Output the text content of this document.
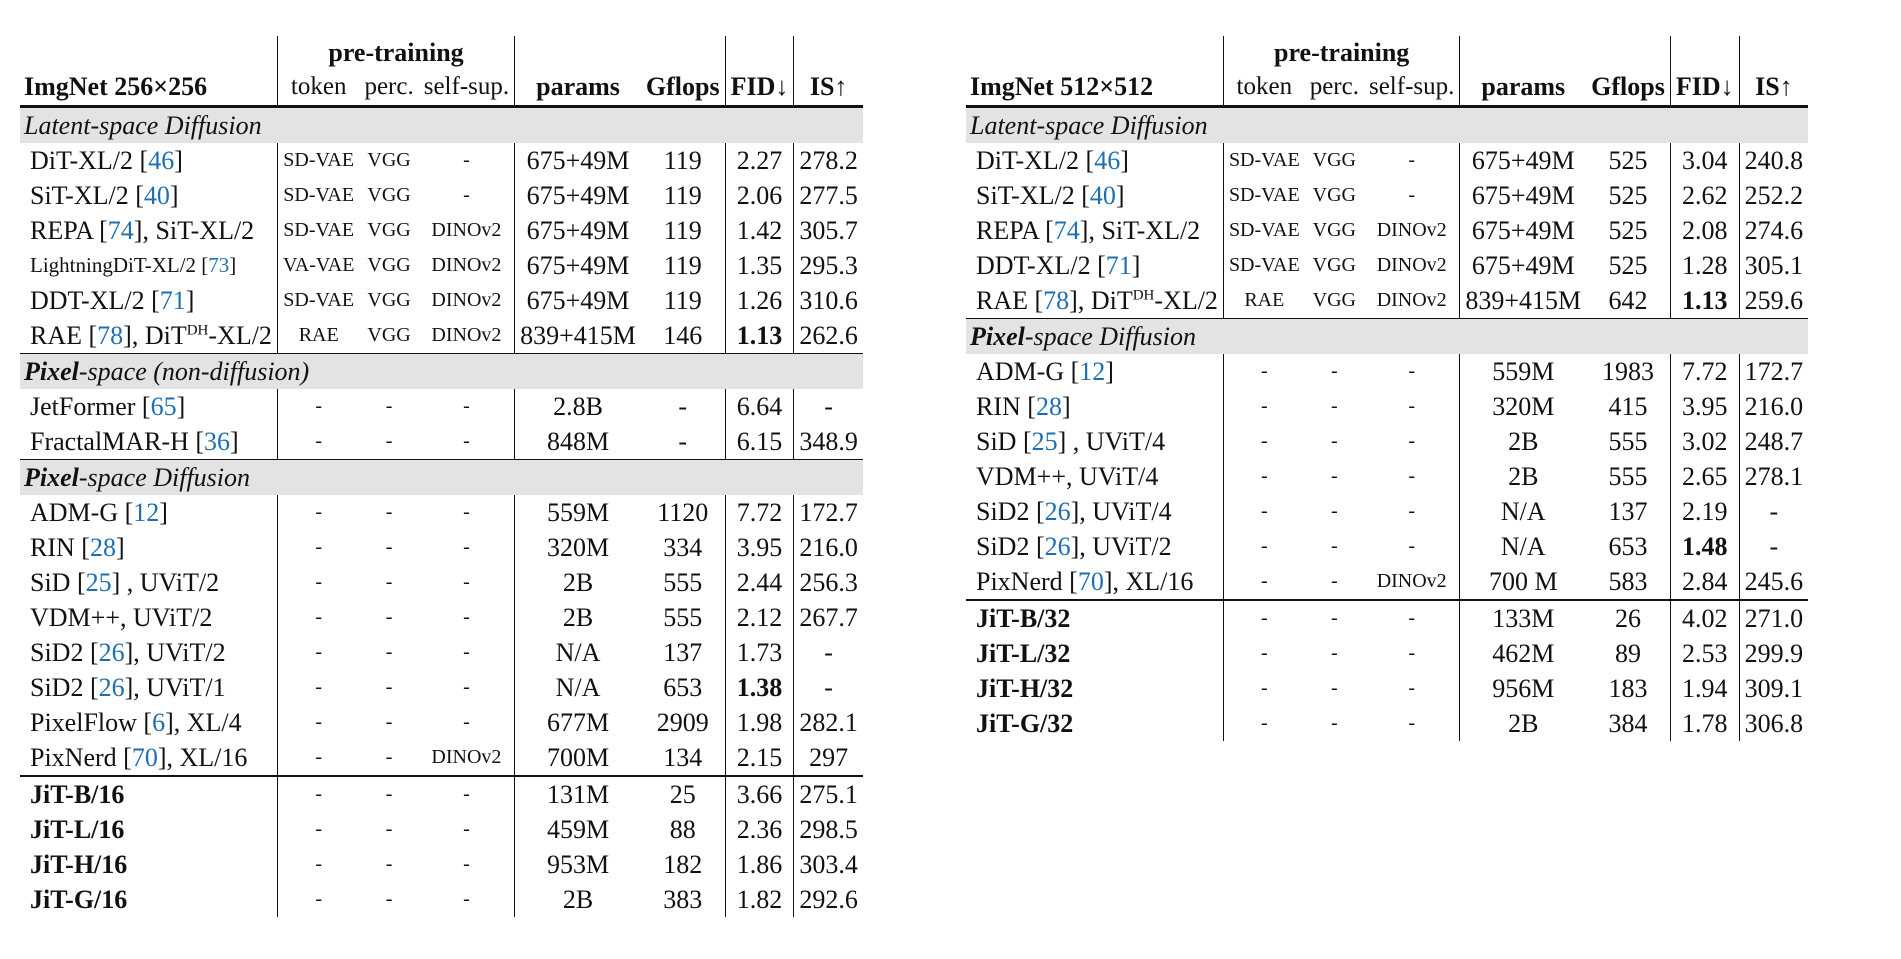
	pre-training						
ImgNet 256×256	token	perc.	self-sup.	params	Gflops	FID↓	IS↑
Latent-space Diffusion							
DiT-XL/2 [46]	SD-VAE	VGG	-	675+49M	119	2.27	278.2
SiT-XL/2 [40]	SD-VAE	VGG	-	675+49M	119	2.06	277.5
REPA [74], SiT-XL/2	SD-VAE	VGG	DINOv2	675+49M	119	1.42	305.7
LightningDiT-XL/2 [73]	VA-VAE	VGG	DINOv2	675+49M	119	1.35	295.3
DDT-XL/2 [71]	SD-VAE	VGG	DINOv2	675+49M	119	1.26	310.6
RAE [78], DiT$^{DH}$-XL/2	RAE	VGG	DINOv2	839+415M	146	1.13	262.6
Pixel-space (non-diffusion)							
JetFormer [65]	-	-	-	2.8B	-	6.64	-
FractalMAR-H [36]	-	-	-	848M	-	6.15	348.9
Pixel-space Diffusion							
ADM-G [12]	-	-	-	559M	1120	7.72	172.7
RIN [28]	-	-	-	320M	334	3.95	216.0
SiD [25] , UViT/2	-	-	-	2B	555	2.44	256.3
VDM++, UViT/2	-	-	-	2B	555	2.12	267.7
SiD2 [26], UViT/2	-	-	-	N/A	137	1.73	-
SiD2 [26], UViT/1	-	-	-	N/A	653	1.38	-
PixelFlow [6], XL/4	-	-	-	677M	2909	1.98	282.1
PixNerd [70], XL/16	-	-	DINOv2	700M	134	2.15	297
JiT-B/16	-	-	-	131M	25	3.66	275.1
JiT-L/16	-	-	-	459M	88	2.36	298.5
JiT-H/16	-	-	-	953M	182	1.86	303.4
JiT-G/16	-	-	-	2B	383	1.82	292.6
	pre-training						
ImgNet 512×512	token	perc.	self-sup.	params	Gflops	FID↓	IS↑
Latent-space Diffusion							
DiT-XL/2 [46]	SD-VAE	VGG	-	675+49M	525	3.04	240.8
SiT-XL/2 [40]	SD-VAE	VGG	-	675+49M	525	2.62	252.2
REPA [74], SiT-XL/2	SD-VAE	VGG	DINOv2	675+49M	525	2.08	274.6
DDT-XL/2 [71]	SD-VAE	VGG	DINOv2	675+49M	525	1.28	305.1
RAE [78], DiT$^{DH}$-XL/2	RAE	VGG	DINOv2	839+415M	642	1.13	259.6
Pixel-space Diffusion							
ADM-G [12]	-	-	-	559M	1983	7.72	172.7
RIN [28]	-	-	-	320M	415	3.95	216.0
SiD [25] , UViT/4	-	-	-	2B	555	3.02	248.7
VDM++, UViT/4	-	-	-	2B	555	2.65	278.1
SiD2 [26], UViT/4	-	-	-	N/A	137	2.19	-
SiD2 [26], UViT/2	-	-	-	N/A	653	1.48	-
PixNerd [70], XL/16	-	-	DINOv2	700 M	583	2.84	245.6
JiT-B/32	-	-	-	133M	26	4.02	271.0
JiT-L/32	-	-	-	462M	89	2.53	299.9
JiT-H/32	-	-	-	956M	183	1.94	309.1
JiT-G/32	-	-	-	2B	384	1.78	306.8
